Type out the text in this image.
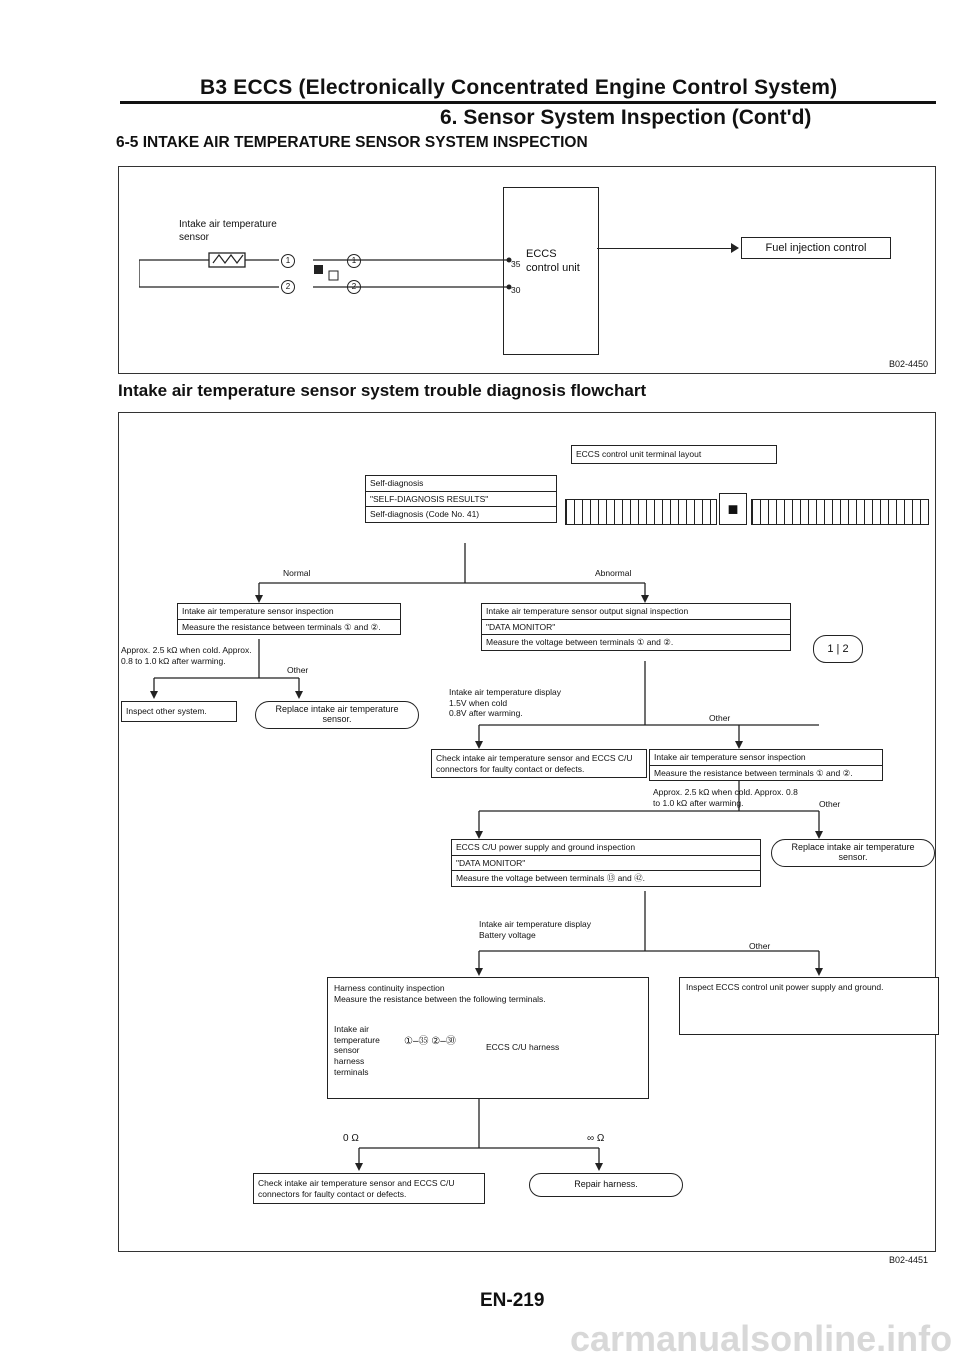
B3 ECCS (Electronically Concentrated Engine Control System)
6. Sensor System Inspection (Cont'd)
6-5 INTAKE AIR TEMPERATURE SENSOR SYSTEM INSPECTION
Intake air temperature sensor
1
2
1
2
35
30
ECCS control unit
Fuel injection control
B02-4450
Intake air temperature sensor system trouble diagnosis flowchart
ECCS control unit terminal layout
■
Self-diagnosis
"SELF-DIAGNOSIS RESULTS"
Self-diagnosis (Code No. 41)
Normal	Abnormal
Intake air temperature sensor inspection
Measure the resistance between terminals ① and ②.
Approx. 2.5 kΩ when cold. Approx. 0.8 to 1.0 kΩ after warming.
Other
Inspect other system.	Replace intake air temperature sensor.
Intake air temperature sensor output signal inspection
"DATA MONITOR"
Measure the voltage between terminals ① and ②.
1 | 2
Intake air temperature display
1.5V when cold
0.8V after warming.	Other
Check intake air temperature sensor and ECCS C/U connectors for faulty contact or defects.
Intake air temperature sensor inspection
Measure the resistance between terminals ① and ②.
Approx. 2.5 kΩ when cold. Approx. 0.8 to 1.0 kΩ after warming.	Other
ECCS C/U power supply and ground inspection
"DATA MONITOR"
Measure the voltage between terminals ⑬ and ㊷.
Replace intake air temperature sensor.
Intake air temperature display
Battery voltage
Other
Harness continuity inspection
Measure the resistance between the following terminals.
Intake air temperature sensor harness terminals
①–㉟ ②–㉚	ECCS C/U harness
Inspect ECCS control unit power supply and ground.
0 Ω	∞ Ω
Check intake air temperature sensor and ECCS C/U connectors for faulty contact or defects.
Repair harness.
B02-4451
EN-219
carmanualsonline.info
